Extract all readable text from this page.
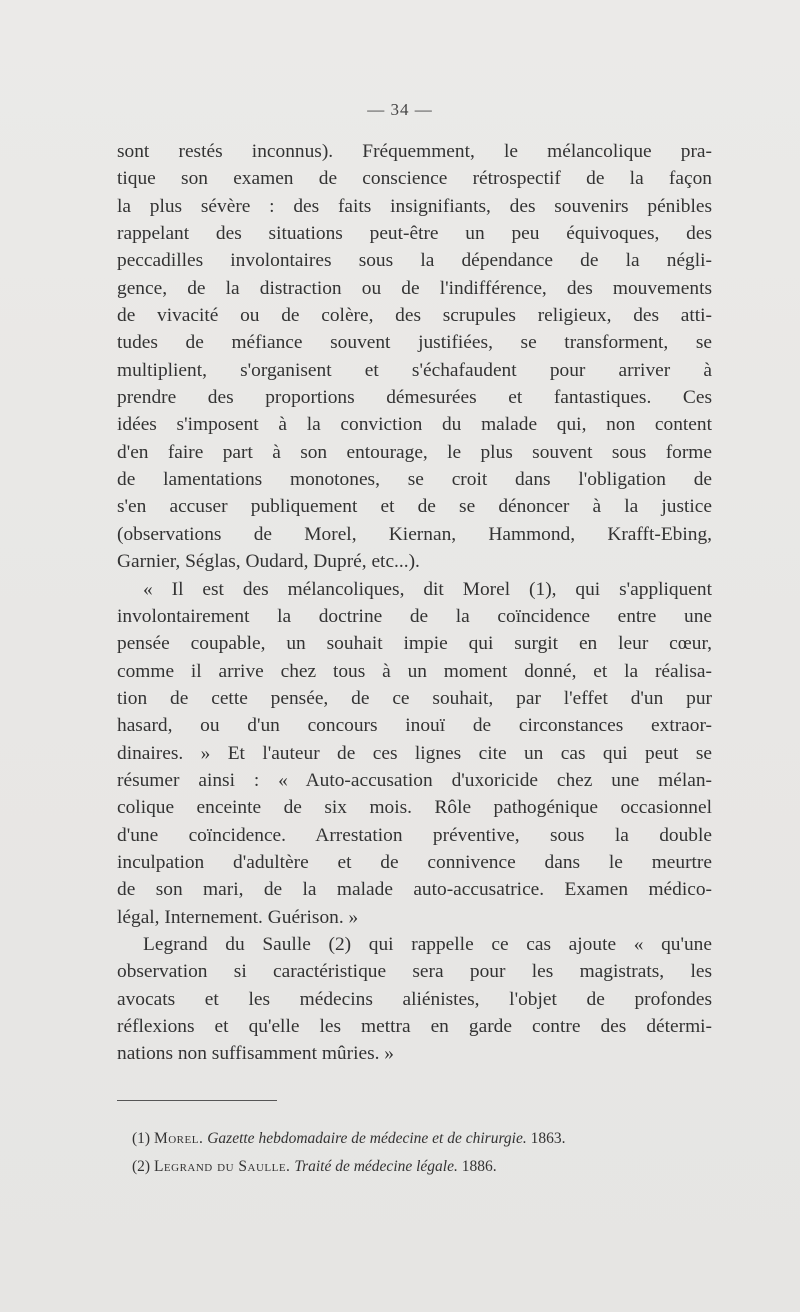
— 34 —
sont restés inconnus). Fréquemment, le mélancolique pra-
tique son examen de conscience rétrospectif de la façon
la plus sévère : des faits insignifiants, des souvenirs pénibles
rappelant des situations peut-être un peu équivoques, des
peccadilles involontaires sous la dépendance de la négli-
gence, de la distraction ou de l'indifférence, des mouvements
de vivacité ou de colère, des scrupules religieux, des atti-
tudes de méfiance souvent justifiées, se transforment, se
multiplient, s'organisent et s'échafaudent pour arriver à
prendre des proportions démesurées et fantastiques. Ces
idées s'imposent à la conviction du malade qui, non content
d'en faire part à son entourage, le plus souvent sous forme
de lamentations monotones, se croit dans l'obligation de
s'en accuser publiquement et de se dénoncer à la justice
(observations de Morel, Kiernan, Hammond, Krafft-Ebing,
Garnier, Séglas, Oudard, Dupré, etc...).
« Il est des mélancoliques, dit Morel (1), qui s'appliquent
involontairement la doctrine de la coïncidence entre une
pensée coupable, un souhait impie qui surgit en leur cœur,
comme il arrive chez tous à un moment donné, et la réalisa-
tion de cette pensée, de ce souhait, par l'effet d'un pur
hasard, ou d'un concours inouï de circonstances extraor-
dinaires. » Et l'auteur de ces lignes cite un cas qui peut se
résumer ainsi : « Auto-accusation d'uxoricide chez une mélan-
colique enceinte de six mois. Rôle pathogénique occasionnel
d'une coïncidence. Arrestation préventive, sous la double
inculpation d'adultère et de connivence dans le meurtre
de son mari, de la malade auto-accusatrice. Examen médico-
légal, Internement. Guérison. »
Legrand du Saulle (2) qui rappelle ce cas ajoute « qu'une
observation si caractéristique sera pour les magistrats, les
avocats et les médecins aliénistes, l'objet de profondes
réflexions et qu'elle les mettra en garde contre des détermi-
nations non suffisamment mûries. »
(1) Morel. Gazette hebdomadaire de médecine et de chirurgie. 1863.
(2) Legrand du Saulle. Traité de médecine légale. 1886.
